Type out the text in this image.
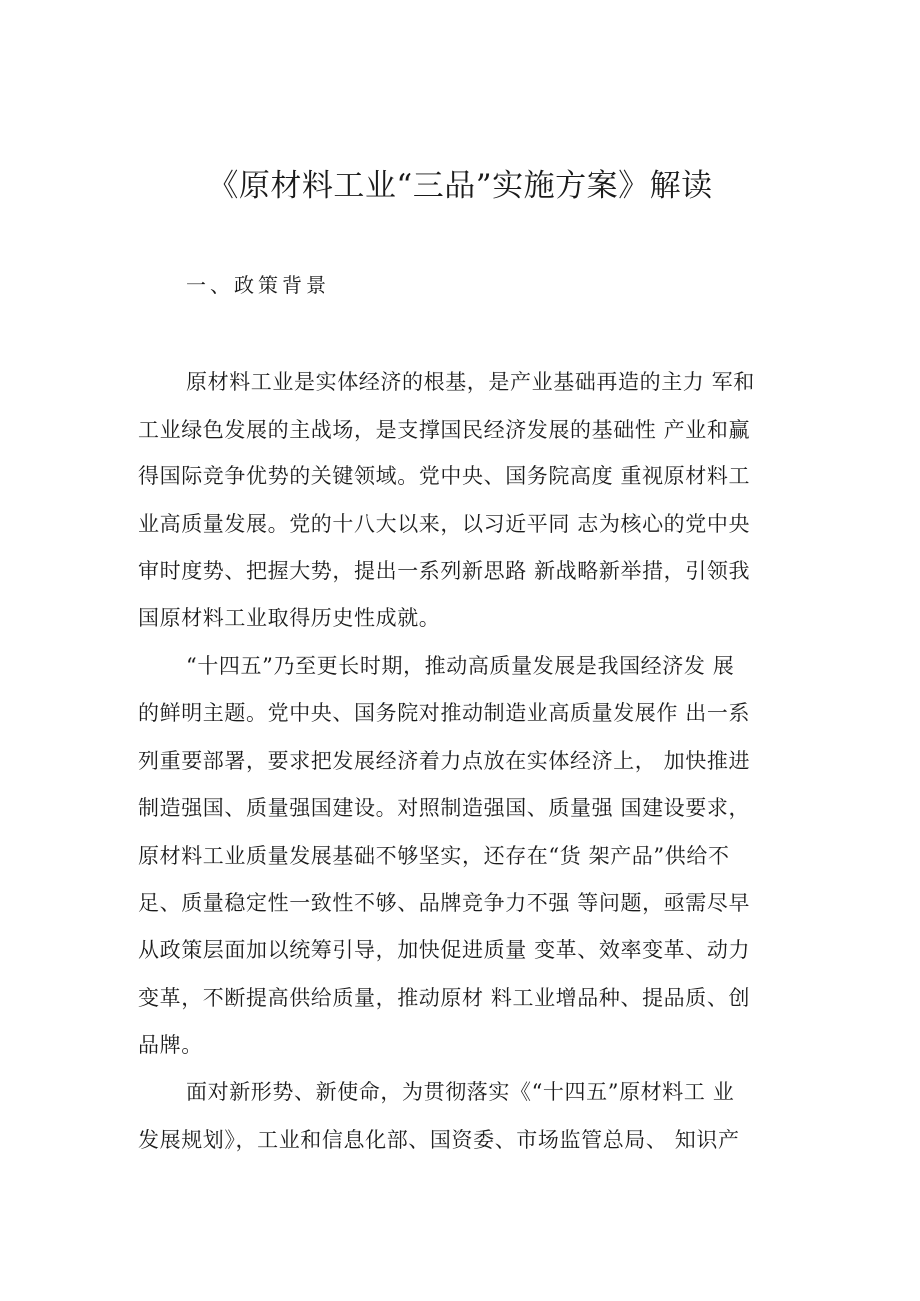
《原材料工业“三品”实施方案》解读
一、政策背景
原材料工业是实体经济的根基，是产业基础再造的主力 军和
工业绿色发展的主战场，是支撑国民经济发展的基础性 产业和赢
得国际竞争优势的关键领域。党中央、国务院高度 重视原材料工
业高质量发展。党的十八大以来，以习近平同 志为核心的党中央
审时度势、把握大势，提出一系列新思路 新战略新举措，引领我
国原材料工业取得历史性成就。
“十四五”乃至更长时期，推动高质量发展是我国经济发 展
的鲜明主题。党中央、国务院对推动制造业高质量发展作 出一系
列重要部署，要求把发展经济着力点放在实体经济上， 加快推进
制造强国、质量强国建设。对照制造强国、质量强 国建设要求，
原材料工业质量发展基础不够坚实，还存在“货 架产品”供给不
足、质量稳定性一致性不够、品牌竞争力不强 等问题，亟需尽早
从政策层面加以统筹引导，加快促进质量 变革、效率变革、动力
变革，不断提高供给质量，推动原材 料工业增品种、提品质、创
品牌。
面对新形势、新使命，为贯彻落实《“十四五”原材料工 业
发展规划》，工业和信息化部、国资委、市场监管总局、 知识产
